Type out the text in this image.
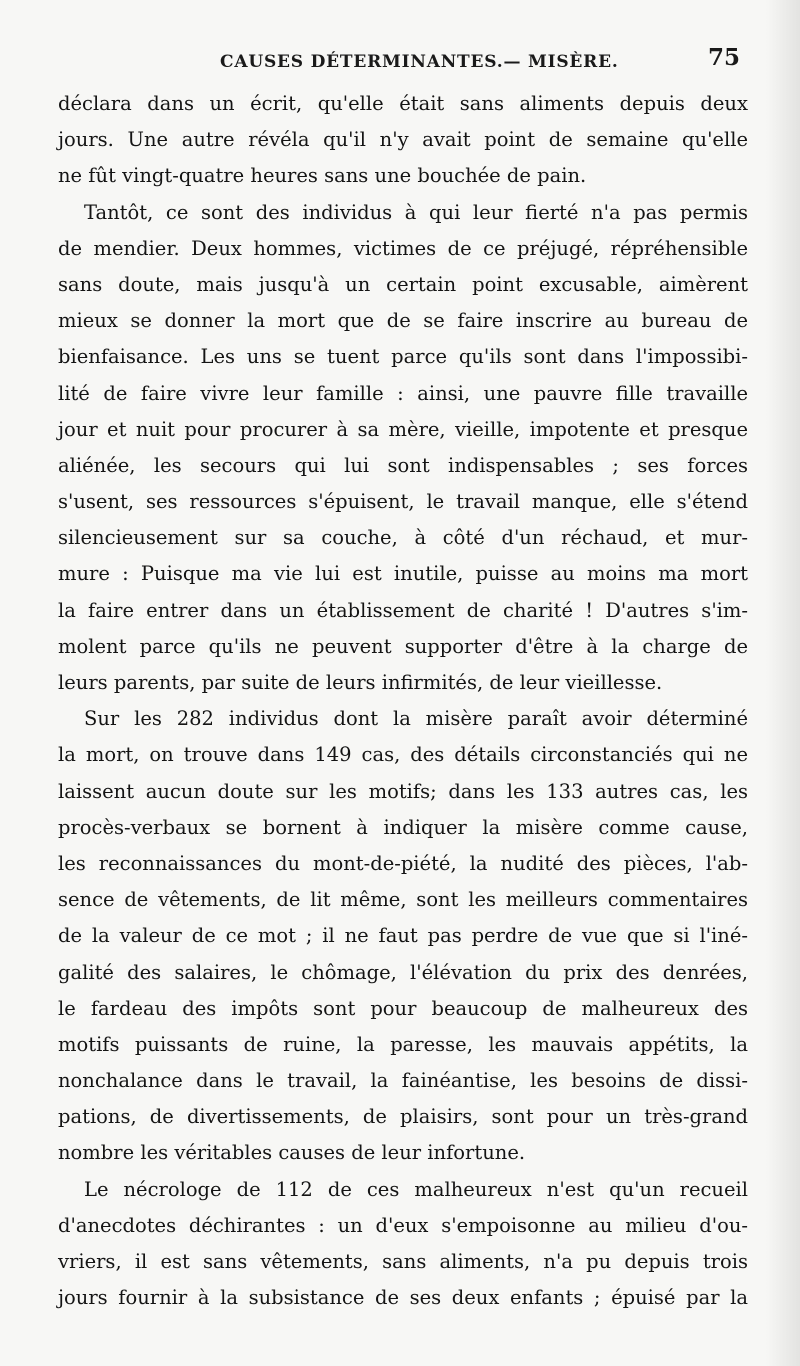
CAUSES DÉTERMINANTES.— MISÈRE.	75
déclara dans un écrit, qu'elle était sans aliments depuis deux
jours. Une autre révéla qu'il n'y avait point de semaine qu'elle
ne fût vingt-quatre heures sans une bouchée de pain.
Tantôt, ce sont des individus à qui leur fierté n'a pas permis
de mendier. Deux hommes, victimes de ce préjugé, répréhensible
sans doute, mais jusqu'à un certain point excusable, aimèrent
mieux se donner la mort que de se faire inscrire au bureau de
bienfaisance. Les uns se tuent parce qu'ils sont dans l'impossibi-
lité de faire vivre leur famille : ainsi, une pauvre fille travaille
jour et nuit pour procurer à sa mère, vieille, impotente et presque
aliénée, les secours qui lui sont indispensables ; ses forces
s'usent, ses ressources s'épuisent, le travail manque, elle s'étend
silencieusement sur sa couche, à côté d'un réchaud, et mur-
mure : Puisque ma vie lui est inutile, puisse au moins ma mort
la faire entrer dans un établissement de charité ! D'autres s'im-
molent parce qu'ils ne peuvent supporter d'être à la charge de
leurs parents, par suite de leurs infirmités, de leur vieillesse.
Sur les 282 individus dont la misère paraît avoir déterminé
la mort, on trouve dans 149 cas, des détails circonstanciés qui ne
laissent aucun doute sur les motifs; dans les 133 autres cas, les
procès-verbaux se bornent à indiquer la misère comme cause,
les reconnaissances du mont-de-piété, la nudité des pièces, l'ab-
sence de vêtements, de lit même, sont les meilleurs commentaires
de la valeur de ce mot ; il ne faut pas perdre de vue que si l'iné-
galité des salaires, le chômage, l'élévation du prix des denrées,
le fardeau des impôts sont pour beaucoup de malheureux des
motifs puissants de ruine, la paresse, les mauvais appétits, la
nonchalance dans le travail, la fainéantise, les besoins de dissi-
pations, de divertissements, de plaisirs, sont pour un très-grand
nombre les véritables causes de leur infortune.
Le nécrologe de 112 de ces malheureux n'est qu'un recueil
d'anecdotes déchirantes : un d'eux s'empoisonne au milieu d'ou-
vriers, il est sans vêtements, sans aliments, n'a pu depuis trois
jours fournir à la subsistance de ses deux enfants ; épuisé par la
